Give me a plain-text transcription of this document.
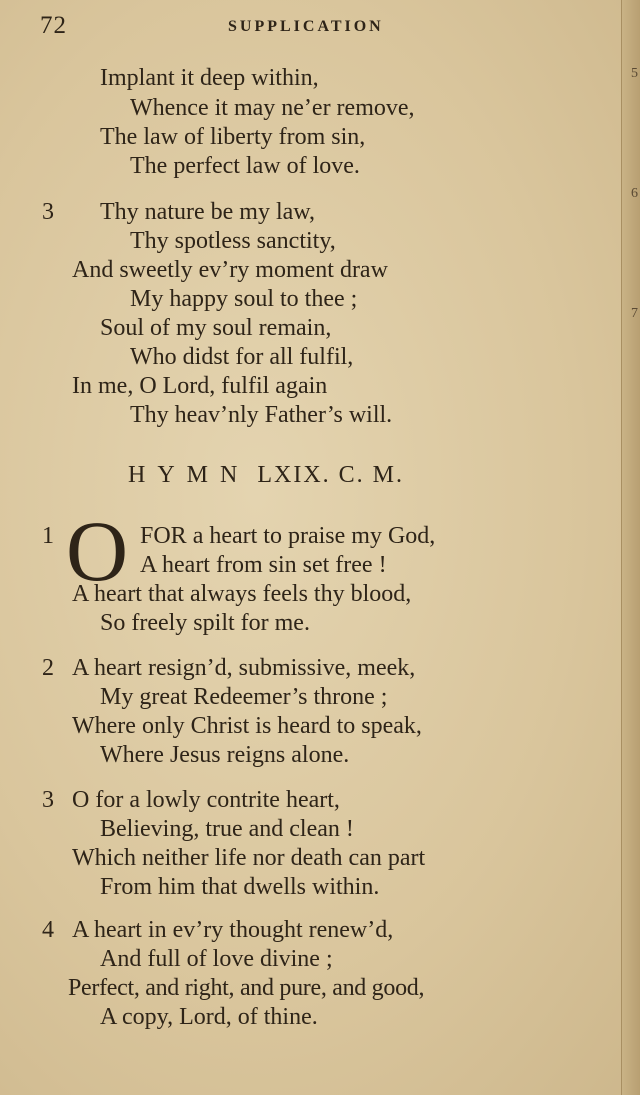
5
6
7
72	SUPPLICATION
Implant it deep within,
Whence it may ne’er remove,
The law of liberty from sin,
The perfect law of love.
3 Thy nature be my law,
Thy spotless sanctity,
And sweetly ev’ry moment draw
My happy soul to thee ;
Soul of my soul remain,
Who didst for all fulfil,
In me, O Lord, fulfil again
Thy heav’nly Father’s will.
HYMN LXIX. C. M.
1 O FOR a heart to praise my God,
A heart from sin set free !
A heart that always feels thy blood,
So freely spilt for me.
2 A heart resign’d, submissive, meek,
My great Redeemer’s throne ;
Where only Christ is heard to speak,
Where Jesus reigns alone.
3 O for a lowly contrite heart,
Believing, true and clean !
Which neither life nor death can part
From him that dwells within.
4 A heart in ev’ry thought renew’d,
And full of love divine ;
Perfect, and right, and pure, and good,
A copy, Lord, of thine.
